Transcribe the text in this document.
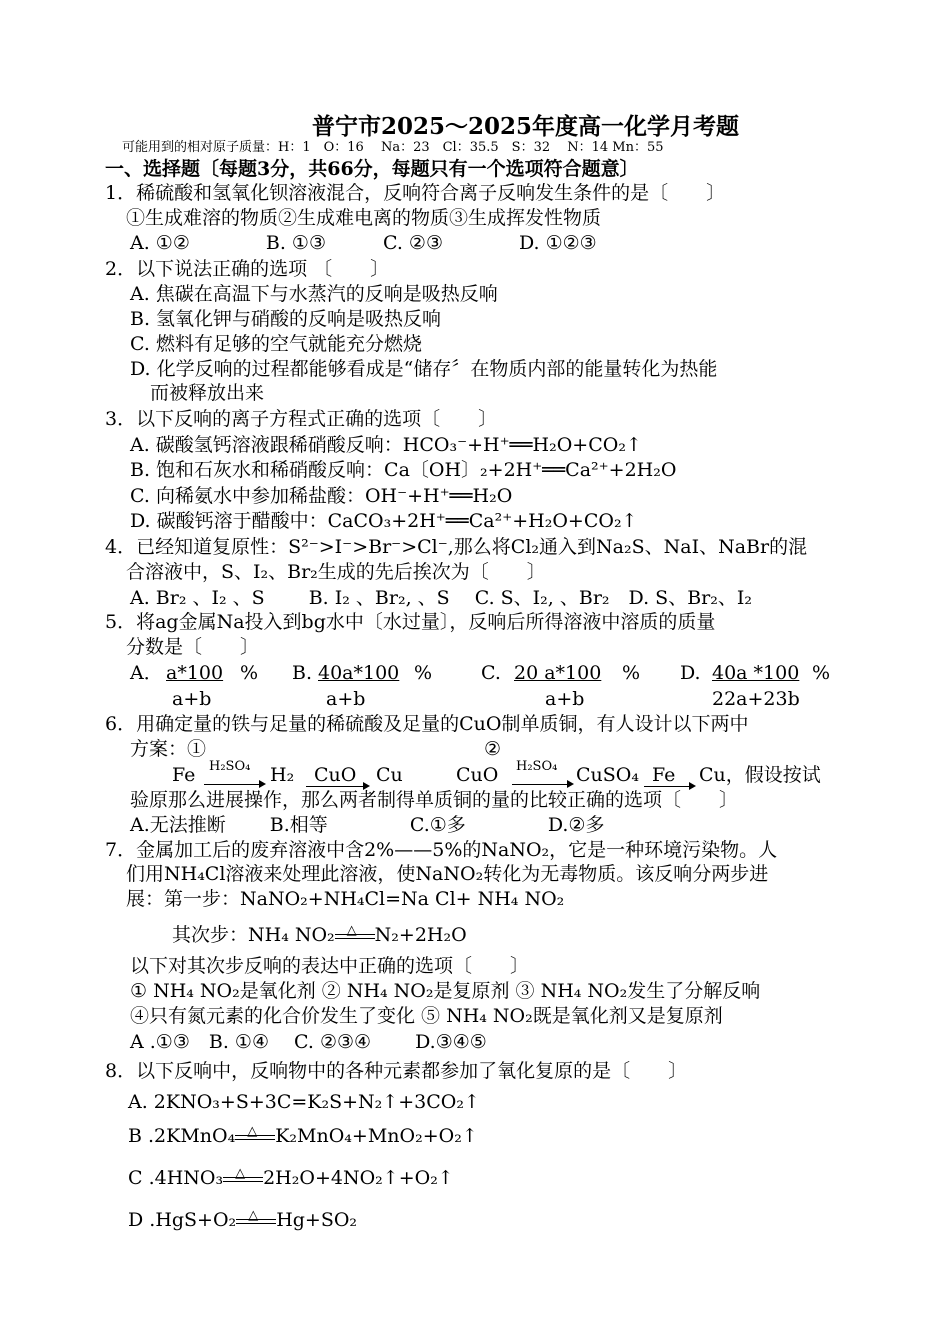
普宁市2025～2025年度高一化学月考题
可能用到的相对原子质量：H：1　O：16　 Na：23　Cl：35.5　S：32　 N：14 Mn：55
一、选择题〔每题3分，共66分，每题只有一个选项符合题意〕
1．稀硫酸和氢氧化钡溶液混合，反响符合离子反响发生条件的是〔　　〕
①生成难溶的物质②生成难电离的物质③生成挥发性物质
A. ①②　　　　B. ①③　　　C. ②③　　　　D. ①②③
2．以下说法正确的选项 〔　　〕
A. 焦碳在高温下与水蒸汽的反响是吸热反响
B. 氢氧化钾与硝酸的反响是吸热反响
C. 燃料有足够的空气就能充分燃烧
D. 化学反响的过程都能够看成是“储存〞在物质内部的能量转化为热能
而被释放出来
3．以下反响的离子方程式正确的选项〔　　〕
A. 碳酸氢钙溶液跟稀硝酸反响：HCO₃⁻+H⁺══H₂O+CO₂↑
B. 饱和石灰水和稀硝酸反响：Ca〔OH〕₂+2H⁺══Ca²⁺+2H₂O
C. 向稀氨水中参加稀盐酸：OH⁻+H⁺══H₂O
D. 碳酸钙溶于醋酸中：CaCO₃+2H⁺══Ca²⁺+H₂O+CO₂↑
4．已经知道复原性：S²⁻>I⁻>Br⁻>Cl⁻,那么将Cl₂通入到Na₂S、NaI、NaBr的混
合溶液中，S、I₂、Br₂生成的先后挨次为〔　　〕
A. Br₂ 、I₂ 、S　　 B. I₂ 、Br₂, 、S　 C. S、I₂, 、Br₂　D. S、Br₂、I₂
5．将ag金属Na投入到bg水中〔水过量〕，反响后所得溶液中溶质的质量
分数是〔　　〕
A． a*100 %
a+b
B. 40a*100 %
a+b
C. 20 a*100 %
a+b
D. 40a *100 %
22a+23b
6．用确定量的铁与足量的稀硫酸及足量的CuO制单质铜，有人设计以下两中
方案：①	②
Fe H₂SO₄ H₂ CuO Cu	CuO H₂SO₄ CuSO₄ Fe Cu，假设按试
验原那么进展操作，那么两者制得单质铜的量的比较正确的选项〔　　〕
A.无法推断　　 B.相等　　　　 C.①多　　　　 D.②多
7．金属加工后的废弃溶液中含2%——5%的NaNO₂，它是一种环境污染物。人
们用NH₄Cl溶液来处理此溶液，使NaNO₂转化为无毒物质。该反响分两步进
展：第一步：NaNO₂+NH₄Cl=Na Cl+ NH₄ NO₂
其次步：NH₄ NO₂ △ N₂+2H₂O
以下对其次步反响的表达中正确的选项〔　　〕
① NH₄ NO₂是氧化剂 ② NH₄ NO₂是复原剂 ③ NH₄ NO₂发生了分解反响
④只有氮元素的化合价发生了变化 ⑤ NH₄ NO₂既是氧化剂又是复原剂
A .①③　B. ①④　 C. ②③④　　 D.③④⑤
8．以下反响中，反响物中的各种元素都参加了氧化复原的是〔　　〕
A. 2KNO₃+S+3C=K₂S+N₂↑+3CO₂↑
B .2KMnO₄ △ K₂MnO₄+MnO₂+O₂↑
C .4HNO₃ △ 2H₂O+4NO₂↑+O₂↑
D .HgS+O₂ △ Hg+SO₂
